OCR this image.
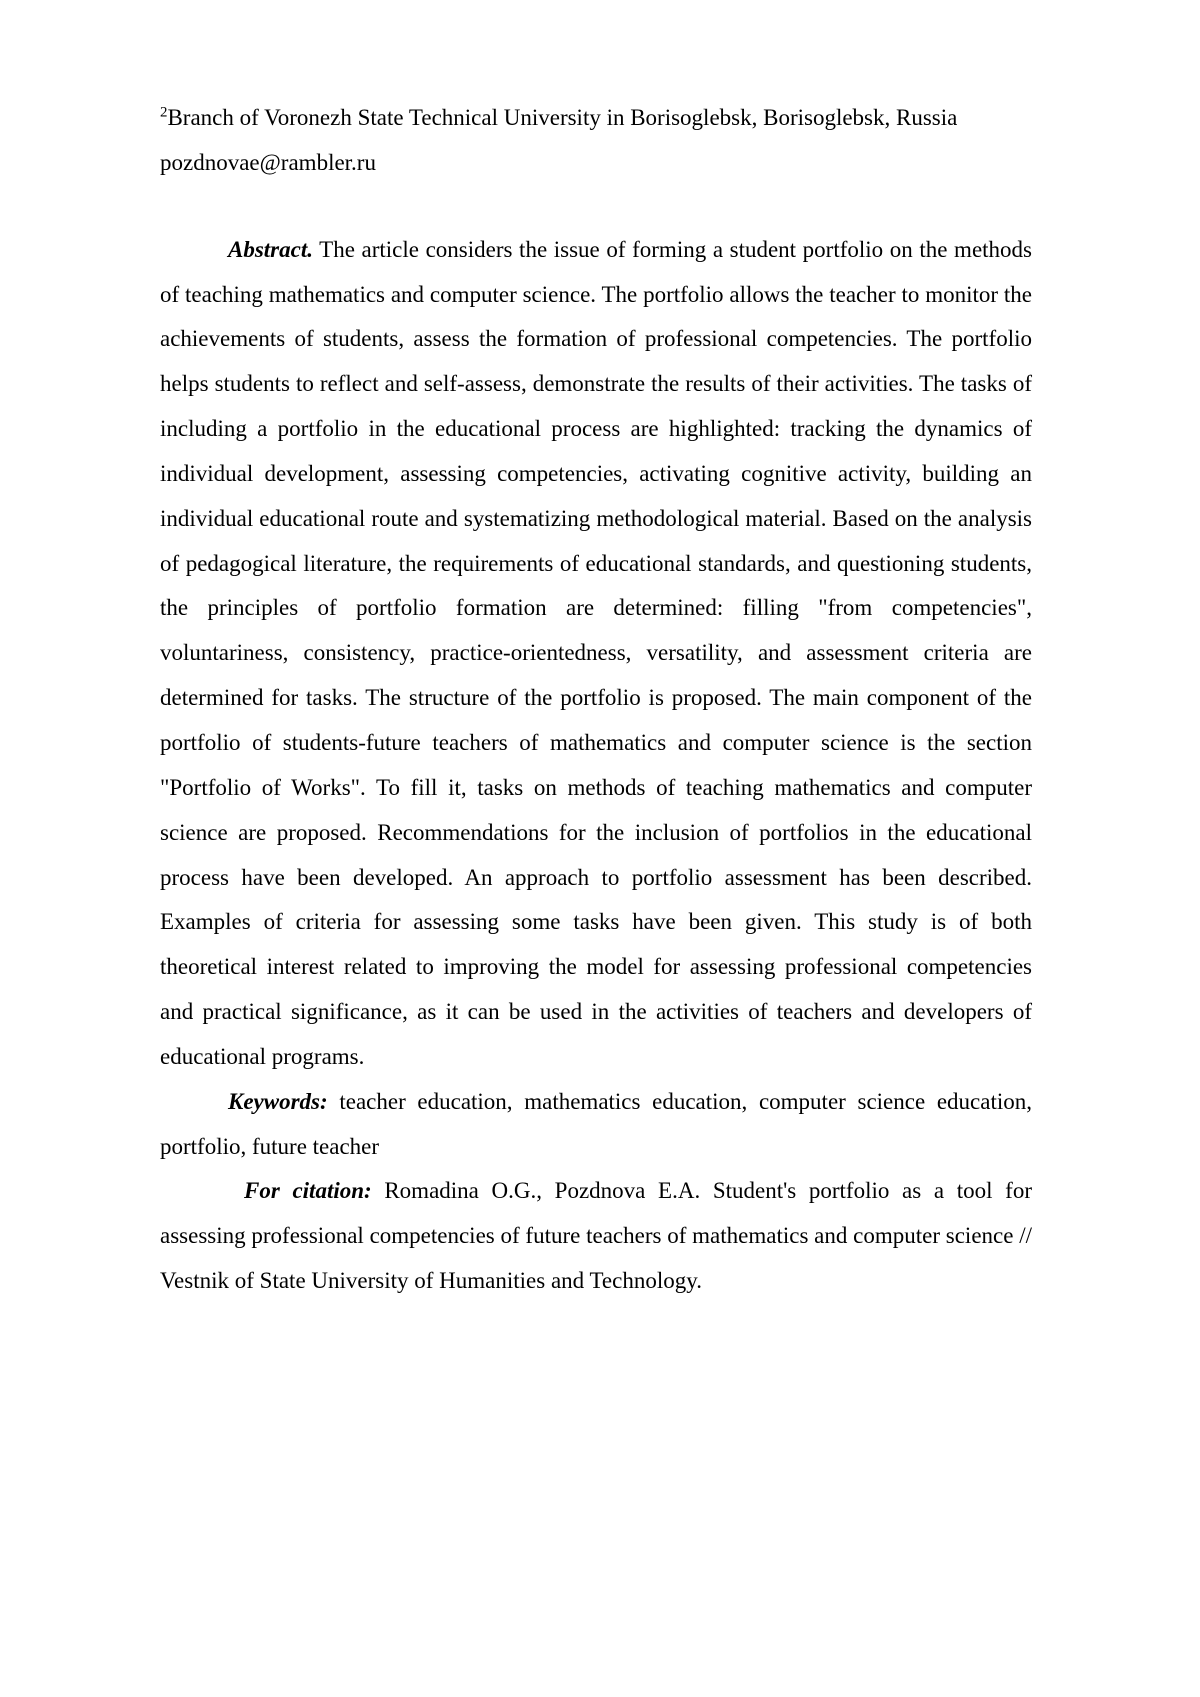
$^2$Branch of Voronezh State Technical University in Borisoglebsk, Borisoglebsk, Russia

pozdnovae@rambler.ru

Abstract. The article considers the issue of forming a student portfolio on the methods of teaching mathematics and computer science. The portfolio allows the teacher to monitor the achievements of students, assess the formation of professional competencies. The portfolio helps students to reflect and self-assess, demonstrate the results of their activities. The tasks of including a portfolio in the educational process are highlighted: tracking the dynamics of individual development, assessing competencies, activating cognitive activity, building an individual educational route and systematizing methodological material. Based on the analysis of pedagogical literature, the requirements of educational standards, and questioning students, the principles of portfolio formation are determined: filling "from competencies", voluntariness, consistency, practice-orientedness, versatility, and assessment criteria are determined for tasks. The structure of the portfolio is proposed. The main component of the portfolio of students-future teachers of mathematics and computer science is the section "Portfolio of Works". To fill it, tasks on methods of teaching mathematics and computer science are proposed. Recommendations for the inclusion of portfolios in the educational process have been developed. An approach to portfolio assessment has been described. Examples of criteria for assessing some tasks have been given. This study is of both theoretical interest related to improving the model for assessing professional competencies and practical significance, as it can be used in the activities of teachers and developers of educational programs.

Keywords: teacher education, mathematics education, computer science education, portfolio, future teacher

For citation: Romadina O.G., Pozdnova E.A. Student's portfolio as a tool for assessing professional competencies of future teachers of mathematics and computer science // Vestnik of State University of Humanities and Technology.
